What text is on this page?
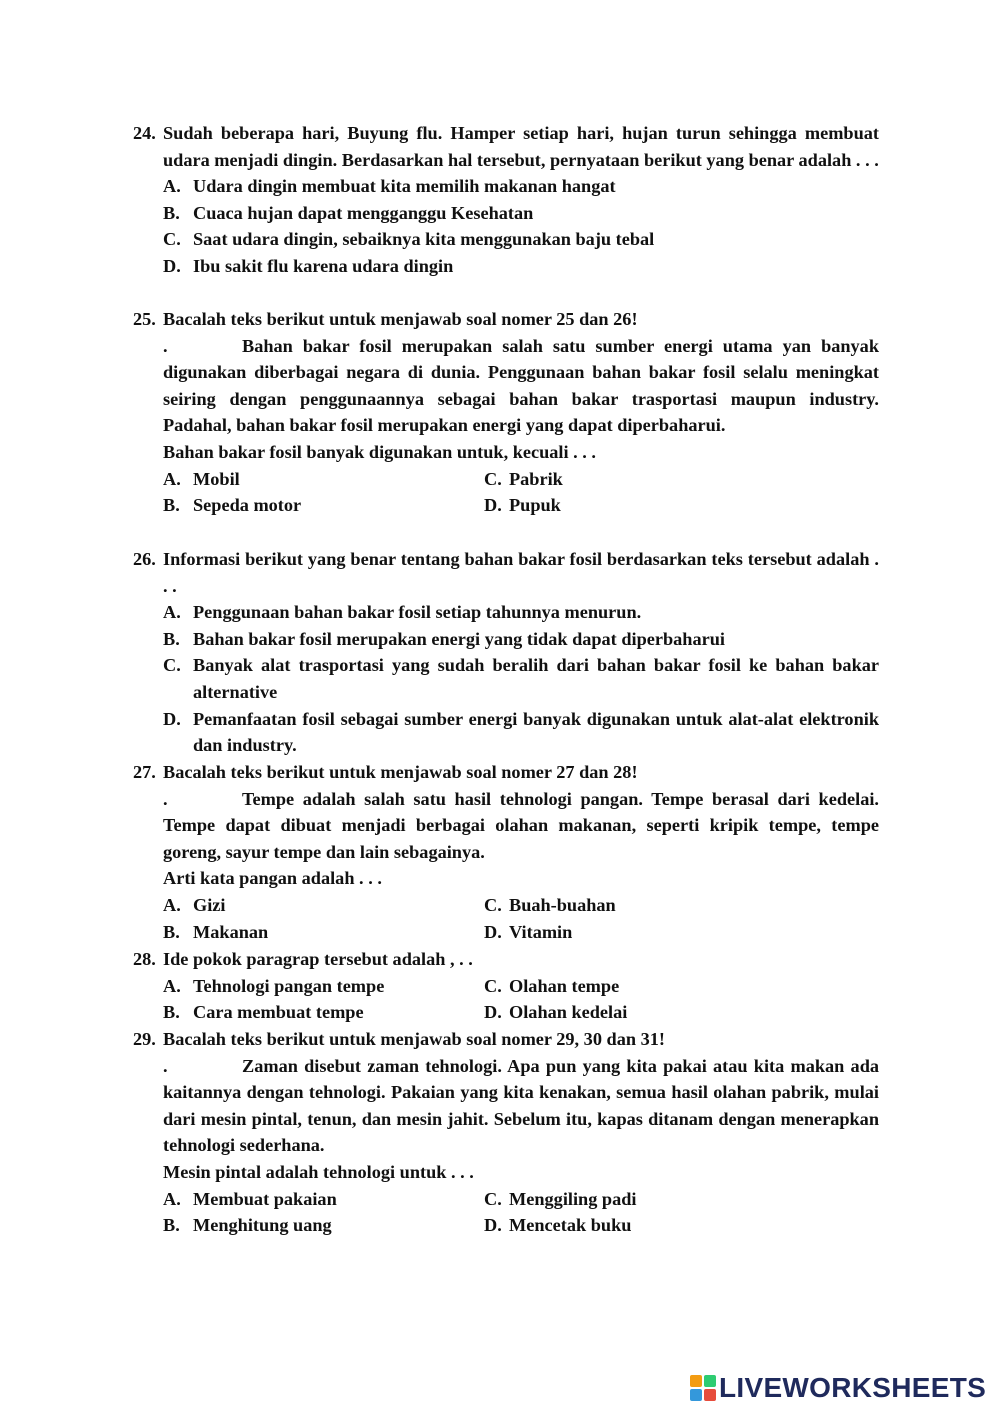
24. Sudah beberapa hari, Buyung flu. Hamper setiap hari, hujan turun sehingga membuat udara menjadi dingin. Berdasarkan hal tersebut, pernyataan berikut yang benar adalah . . .
A. Udara dingin membuat kita memilih makanan hangat
B. Cuaca hujan dapat mengganggu Kesehatan
C. Saat udara dingin, sebaiknya kita menggunakan baju tebal
D. Ibu sakit flu karena udara dingin
25. Bacalah teks berikut untuk menjawab soal nomer 25 dan 26!
.	Bahan bakar fosil merupakan salah satu sumber energi utama yan banyak digunakan diberbagai negara di dunia. Penggunaan bahan bakar fosil selalu meningkat seiring dengan penggunaannya sebagai bahan bakar trasportasi maupun industry. Padahal, bahan bakar fosil merupakan energi yang dapat diperbaharui.
Bahan bakar fosil banyak digunakan untuk, kecuali . . .
A. Mobil	C. Pabrik
B. Sepeda motor	D. Pupuk
26. Informasi berikut yang benar tentang bahan bakar fosil berdasarkan teks tersebut adalah . . .
A. Penggunaan bahan bakar fosil setiap tahunnya menurun.
B. Bahan bakar fosil merupakan energi yang tidak dapat diperbaharui
C. Banyak alat trasportasi yang sudah beralih dari bahan bakar fosil ke bahan bakar alternative
D. Pemanfaatan fosil sebagai sumber energi banyak digunakan untuk alat-alat elektronik dan industry.
27. Bacalah teks berikut untuk menjawab soal nomer 27 dan 28!
.	Tempe adalah salah satu hasil tehnologi pangan. Tempe berasal dari kedelai. Tempe dapat dibuat menjadi berbagai olahan makanan, seperti kripik tempe, tempe goreng, sayur tempe dan lain sebagainya.
Arti kata pangan adalah . . .
A. Gizi	C. Buah-buahan
B. Makanan	D. Vitamin
28. Ide pokok paragrap tersebut adalah , . .
A. Tehnologi pangan tempe	C. Olahan tempe
B. Cara membuat tempe	D. Olahan kedelai
29. Bacalah teks berikut untuk menjawab soal nomer 29, 30 dan 31!
.	Zaman disebut zaman tehnologi. Apa pun yang kita pakai atau kita makan ada kaitannya dengan tehnologi. Pakaian yang kita kenakan, semua hasil olahan pabrik, mulai dari mesin pintal, tenun, dan mesin jahit. Sebelum itu, kapas ditanam dengan menerapkan tehnologi sederhana.
Mesin pintal adalah tehnologi untuk . . .
A. Membuat pakaian	C. Menggiling padi
B. Menghitung uang	D. Mencetak buku
LIVEWORKSHEETS
